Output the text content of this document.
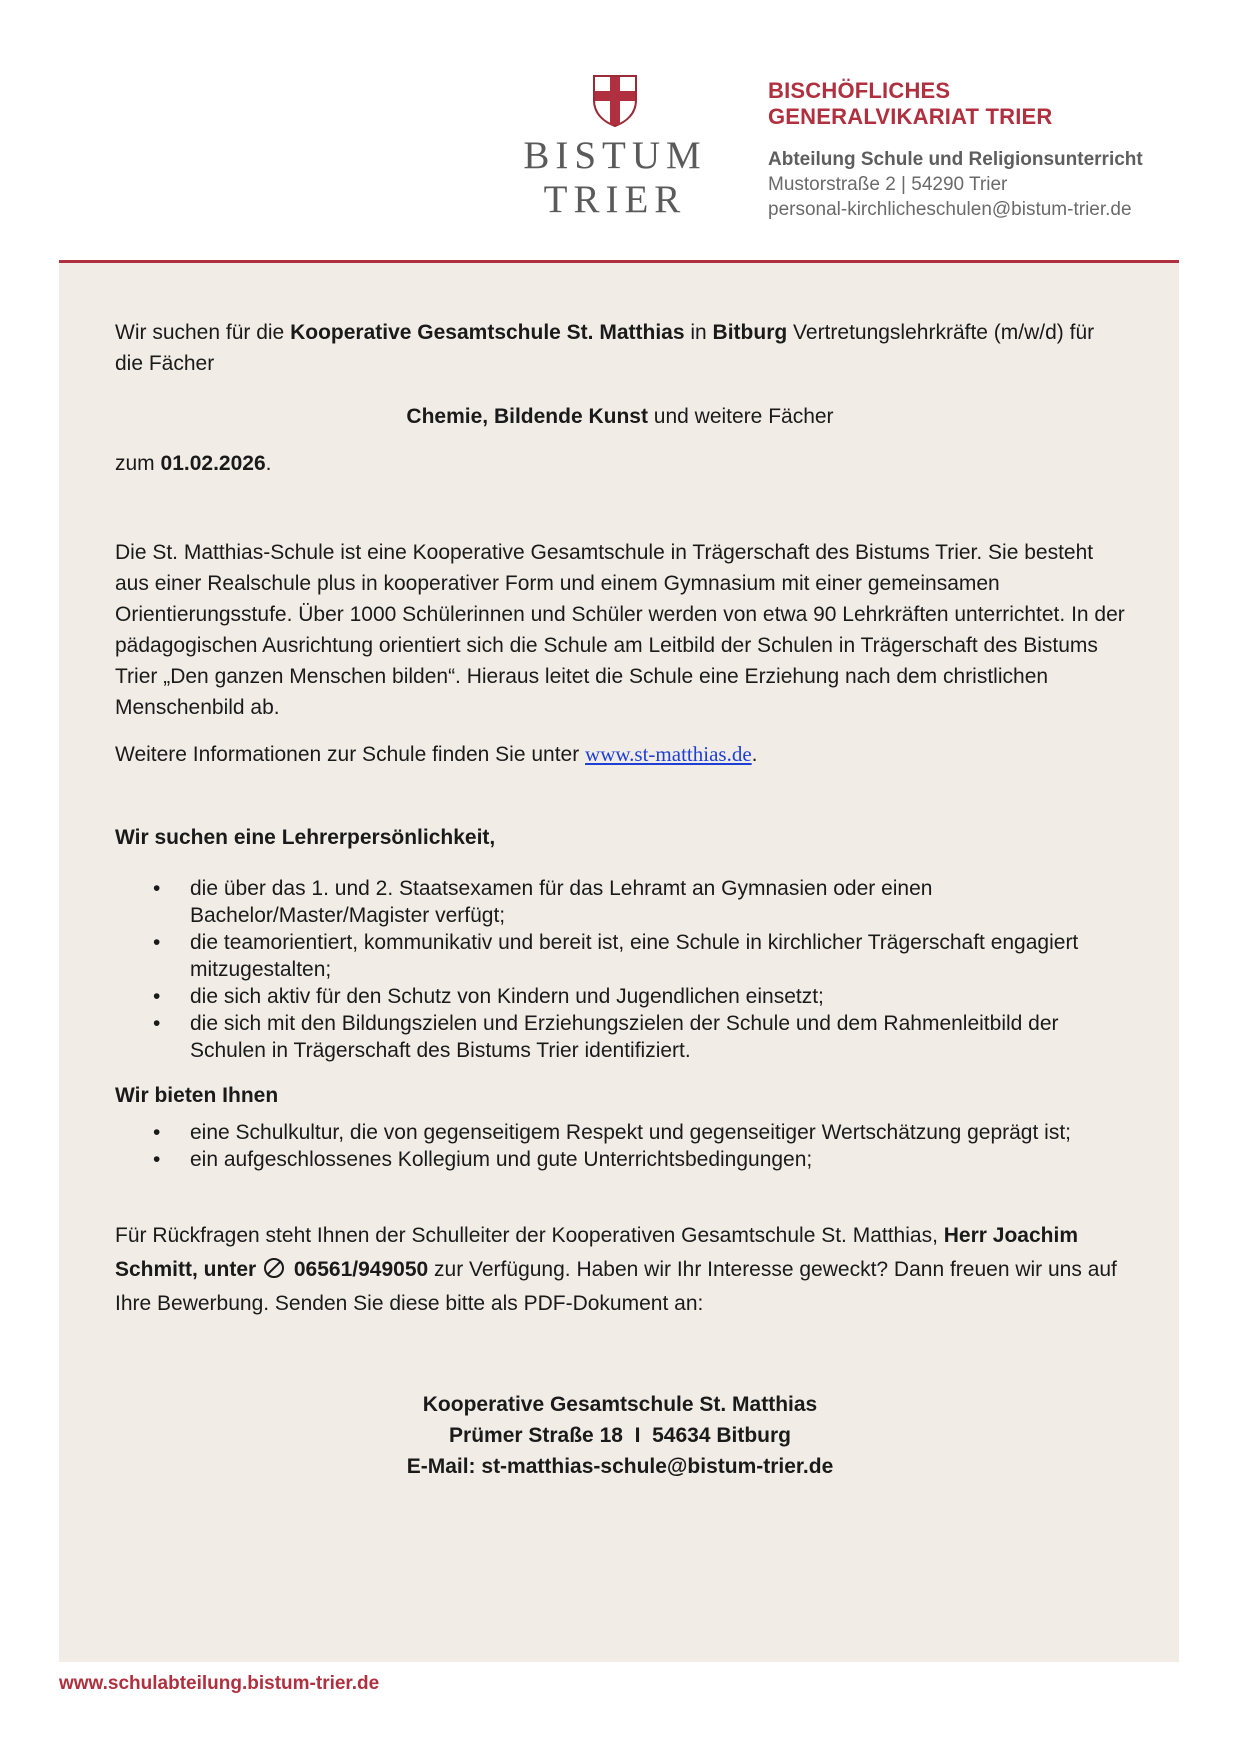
BISTUM
TRIER
BISCHÖFLICHES
GENERALVIKARIAT TRIER
Abteilung Schule und Religionsunterricht
Mustorstraße 2 | 54290 Trier
personal-kirchlicheschulen@bistum-trier.de

Wir suchen für die Kooperative Gesamtschule St. Matthias in Bitburg Vertretungslehrkräfte (m/w/d) für die Fächer

Chemie, Bildende Kunst und weitere Fächer

zum 01.02.2026.

Die St. Matthias-Schule ist eine Kooperative Gesamtschule in Trägerschaft des Bistums Trier. Sie besteht aus einer Realschule plus in kooperativer Form und einem Gymnasium mit einer gemeinsamen Orientierungsstufe. Über 1000 Schülerinnen und Schüler werden von etwa 90 Lehrkräften unterrichtet. In der pädagogischen Ausrichtung orientiert sich die Schule am Leitbild der Schulen in Trägerschaft des Bistums Trier „Den ganzen Menschen bilden“. Hieraus leitet die Schule eine Erziehung nach dem christlichen Menschenbild ab.

Weitere Informationen zur Schule finden Sie unter www.st-matthias.de.

Wir suchen eine Lehrerpersönlichkeit,

• die über das 1. und 2. Staatsexamen für das Lehramt an Gymnasien oder einen Bachelor/Master/Magister verfügt;
• die teamorientiert, kommunikativ und bereit ist, eine Schule in kirchlicher Trägerschaft engagiert mitzugestalten;
• die sich aktiv für den Schutz von Kindern und Jugendlichen einsetzt;
• die sich mit den Bildungszielen und Erziehungszielen der Schule und dem Rahmenleitbild der Schulen in Trägerschaft des Bistums Trier identifiziert.

Wir bieten Ihnen

• eine Schulkultur, die von gegenseitigem Respekt und gegenseitiger Wertschätzung geprägt ist;
• ein aufgeschlossenes Kollegium und gute Unterrichtsbedingungen;

Für Rückfragen steht Ihnen der Schulleiter der Kooperativen Gesamtschule St. Matthias, Herr Joachim Schmitt, unter 06561/949050 zur Verfügung. Haben wir Ihr Interesse geweckt? Dann freuen wir uns auf Ihre Bewerbung. Senden Sie diese bitte als PDF-Dokument an:

Kooperative Gesamtschule St. Matthias
Prümer Straße 18  I  54634 Bitburg
E-Mail: st-matthias-schule@bistum-trier.de
www.schulabteilung.bistum-trier.de
